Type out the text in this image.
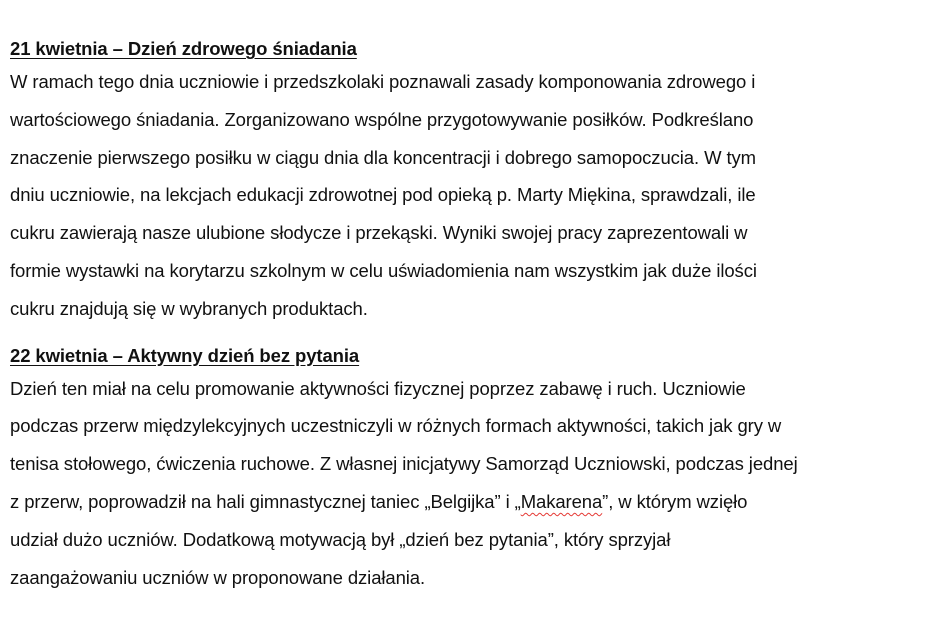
21 kwietnia – Dzień zdrowego śniadania

W ramach tego dnia uczniowie i przedszkolaki poznawali zasady komponowania zdrowego i

wartościowego śniadania. Zorganizowano wspólne przygotowywanie posiłków. Podkreślano

znaczenie pierwszego posiłku w ciągu dnia dla koncentracji i dobrego samopoczucia. W tym

dniu uczniowie, na lekcjach edukacji zdrowotnej pod opieką p. Marty Miękina, sprawdzali, ile

cukru zawierają nasze ulubione słodycze i przekąski. Wyniki swojej pracy zaprezentowali w

formie wystawki na korytarzu szkolnym w celu uświadomienia nam wszystkim jak duże ilości

cukru znajdują się w wybranych produktach.

22 kwietnia – Aktywny dzień bez pytania

Dzień ten miał na celu promowanie aktywności fizycznej poprzez zabawę i ruch. Uczniowie

podczas przerw międzylekcyjnych uczestniczyli w różnych formach aktywności, takich jak gry w

tenisa stołowego, ćwiczenia ruchowe. Z własnej inicjatywy Samorząd Uczniowski, podczas jednej

z przerw, poprowadził na hali gimnastycznej taniec „Belgijka” i „Makarena”, w którym wzięło

udział dużo uczniów. Dodatkową motywacją był „dzień bez pytania”, który sprzyjał

zaangażowaniu uczniów w proponowane działania.
